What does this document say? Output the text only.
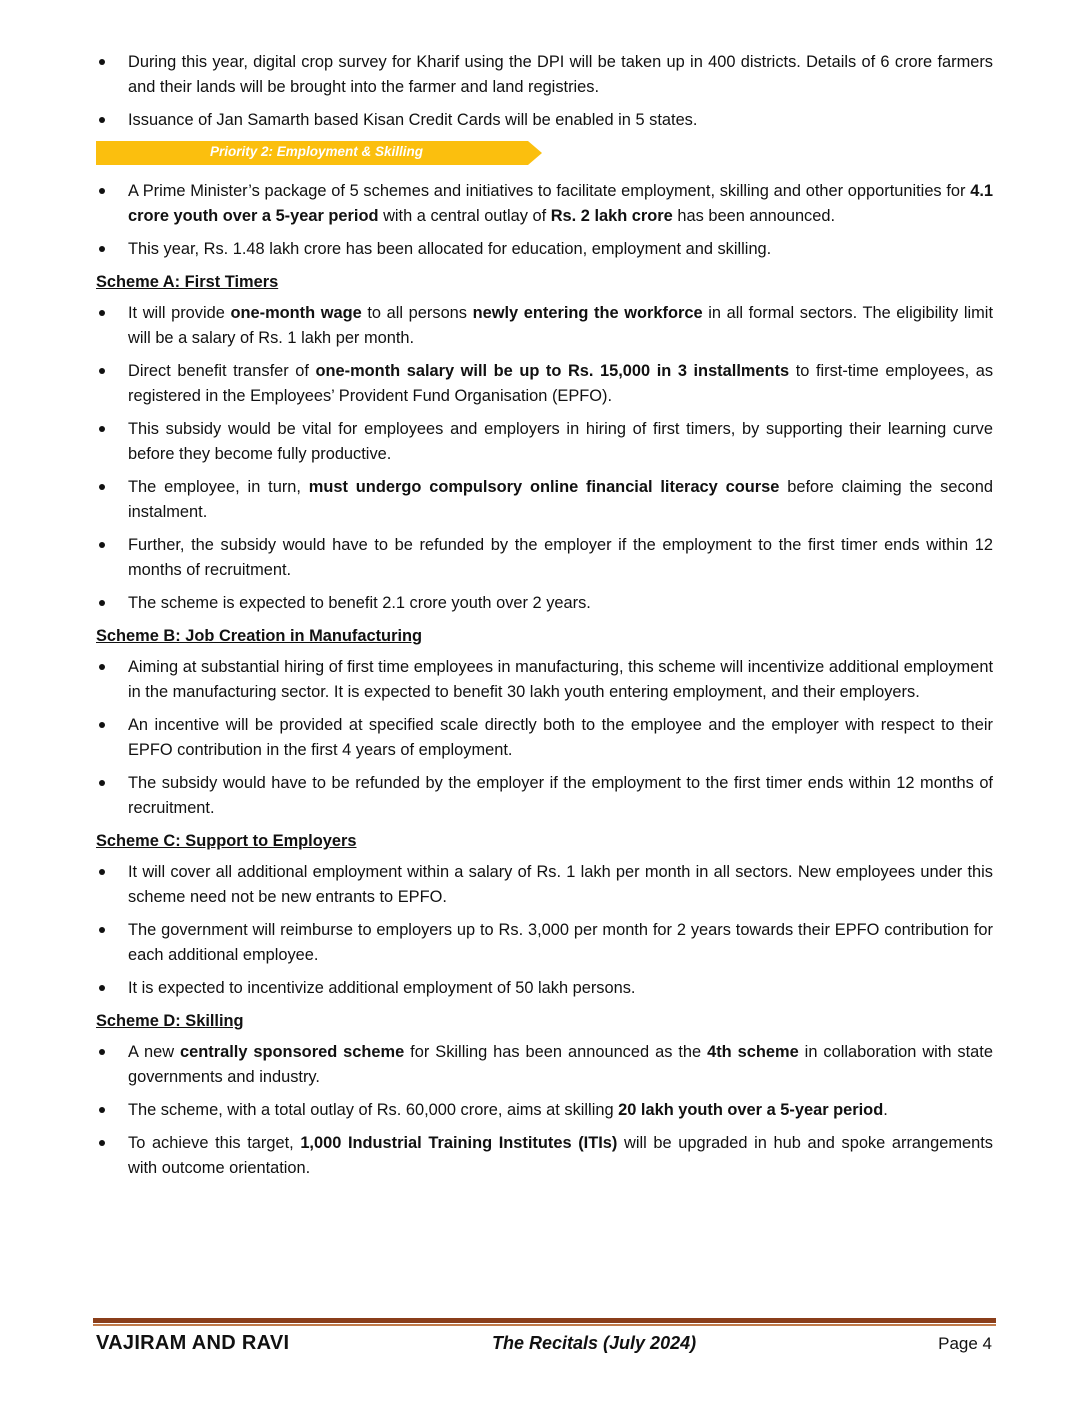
During this year, digital crop survey for Kharif using the DPI will be taken up in 400 districts. Details of 6 crore farmers and their lands will be brought into the farmer and land registries.
Issuance of Jan Samarth based Kisan Credit Cards will be enabled in 5 states.
Priority 2: Employment & Skilling
A Prime Minister’s package of 5 schemes and initiatives to facilitate employment, skilling and other opportunities for 4.1 crore youth over a 5-year period with a central outlay of Rs. 2 lakh crore has been announced.
This year, Rs. 1.48 lakh crore has been allocated for education, employment and skilling.
Scheme A: First Timers
It will provide one-month wage to all persons newly entering the workforce in all formal sectors. The eligibility limit will be a salary of Rs. 1 lakh per month.
Direct benefit transfer of one-month salary will be up to Rs. 15,000 in 3 installments to first-time employees, as registered in the Employees’ Provident Fund Organisation (EPFO).
This subsidy would be vital for employees and employers in hiring of first timers, by supporting their learning curve before they become fully productive.
The employee, in turn, must undergo compulsory online financial literacy course before claiming the second instalment.
Further, the subsidy would have to be refunded by the employer if the employment to the first timer ends within 12 months of recruitment.
The scheme is expected to benefit 2.1 crore youth over 2 years.
Scheme B: Job Creation in Manufacturing
Aiming at substantial hiring of first time employees in manufacturing, this scheme will incentivize additional employment in the manufacturing sector. It is expected to benefit 30 lakh youth entering employment, and their employers.
An incentive will be provided at specified scale directly both to the employee and the employer with respect to their EPFO contribution in the first 4 years of employment.
The subsidy would have to be refunded by the employer if the employment to the first timer ends within 12 months of recruitment.
Scheme C: Support to Employers
It will cover all additional employment within a salary of Rs. 1 lakh per month in all sectors. New employees under this scheme need not be new entrants to EPFO.
The government will reimburse to employers up to Rs. 3,000 per month for 2 years towards their EPFO contribution for each additional employee.
It is expected to incentivize additional employment of 50 lakh persons.
Scheme D: Skilling
A new centrally sponsored scheme for Skilling has been announced as the 4th scheme in collaboration with state governments and industry.
The scheme, with a total outlay of Rs. 60,000 crore, aims at skilling 20 lakh youth over a 5-year period.
To achieve this target, 1,000 Industrial Training Institutes (ITIs) will be upgraded in hub and spoke arrangements with outcome orientation.
VAJIRAM AND RAVI	The Recitals (July 2024)	Page 4
